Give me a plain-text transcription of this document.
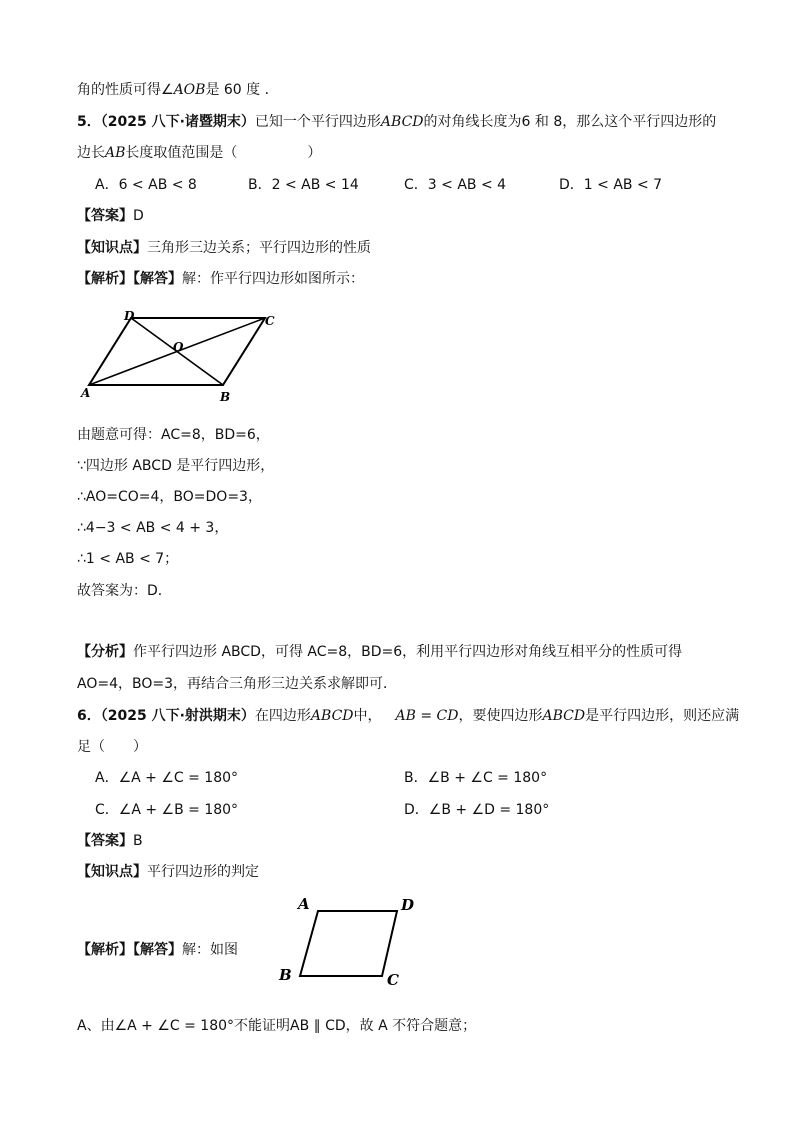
角的性质可得∠AOB是 60 度 ．
5．（2025 八下·诸暨期末）已知一个平行四边形ABCD的对角线长度为6 和 8，那么这个平行四边形的
边长AB长度取值范围是（　　　　　）
A．6 < AB < 8	B．2 < AB < 14	C．3 < AB < 4	D．1 < AB < 7
【答案】D
【知识点】三角形三边关系；平行四边形的性质
【解析】【解答】解：作平行四边形如图所示：
A	B
C
D
O
由题意可得：AC=8，BD=6，
∵四边形 ABCD 是平行四边形，
∴AO=CO=4，BO=DO=3，
∴4−3 < AB < 4 + 3，
∴1 < AB < 7；
故答案为：D．
【分析】作平行四边形 ABCD，可得 AC=8，BD=6，利用平行四边形对角线互相平分的性质可得
AO=4，BO=3，再结合三角形三边关系求解即可．
6．（2025 八下·射洪期末）在四边形ABCD中，  AB = CD，要使四边形ABCD是平行四边形，则还应满
足（　　）
A．∠A + ∠C = 180°	B．∠B + ∠C = 180°
C．∠A + ∠B = 180°	D．∠B + ∠D = 180°
【答案】B
【知识点】平行四边形的判定
【解析】【解答】解：如图
A	D
B	C
A、由∠A + ∠C = 180°不能证明AB ∥ CD，故 A 不符合题意；
